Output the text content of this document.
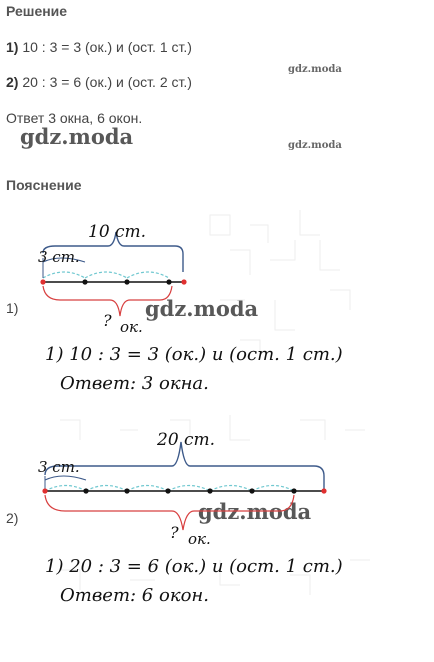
Решение
1) 10 : 3 = 3 (ок.) и (ост. 1 ст.)
2) 20 : 3 = 6 (ок.) и (ост. 2 ст.)
Ответ 3 окна, 6 окон.
Пояснение
gdz.moda
gdz.moda	gdz.moda
gdz.moda
gdz.moda
1)
10 ст.
3 ст.
? ок.
1) 10 : 3 = 3 (ок.) и (ост. 1 ст.)
Ответ: 3 окна.
2)
20 ст.
3 ст.
? ок.
1) 20 : 3 = 6 (ок.) и (ост. 1 ст.)
Ответ: 6 окон.
